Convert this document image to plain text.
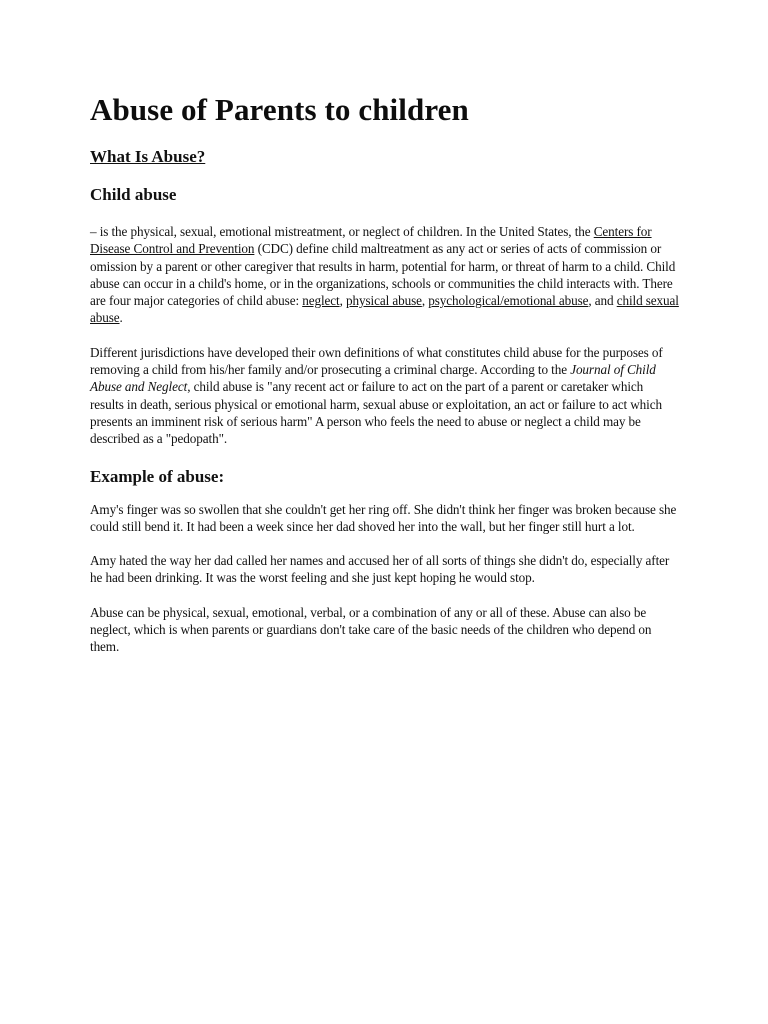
Abuse of Parents to children
What Is Abuse?
Child abuse

– is the physical, sexual, emotional mistreatment, or neglect of children. In the United States, the Centers for Disease Control and Prevention (CDC) define child maltreatment as any act or series of acts of commission or omission by a parent or other caregiver that results in harm, potential for harm, or threat of harm to a child. Child abuse can occur in a child's home, or in the organizations, schools or communities the child interacts with. There are four major categories of child abuse: neglect, physical abuse, psychological/emotional abuse, and child sexual abuse.

Different jurisdictions have developed their own definitions of what constitutes child abuse for the purposes of removing a child from his/her family and/or prosecuting a criminal charge. According to the Journal of Child Abuse and Neglect, child abuse is "any recent act or failure to act on the part of a parent or caretaker which results in death, serious physical or emotional harm, sexual abuse or exploitation, an act or failure to act which presents an imminent risk of serious harm" A person who feels the need to abuse or neglect a child may be described as a "pedopath".

Example of abuse:

Amy's finger was so swollen that she couldn't get her ring off. She didn't think her finger was broken because she could still bend it. It had been a week since her dad shoved her into the wall, but her finger still hurt a lot.

Amy hated the way her dad called her names and accused her of all sorts of things she didn't do, especially after he had been drinking. It was the worst feeling and she just kept hoping he would stop.

Abuse can be physical, sexual, emotional, verbal, or a combination of any or all of these. Abuse can also be neglect, which is when parents or guardians don't take care of the basic needs of the children who depend on them.
